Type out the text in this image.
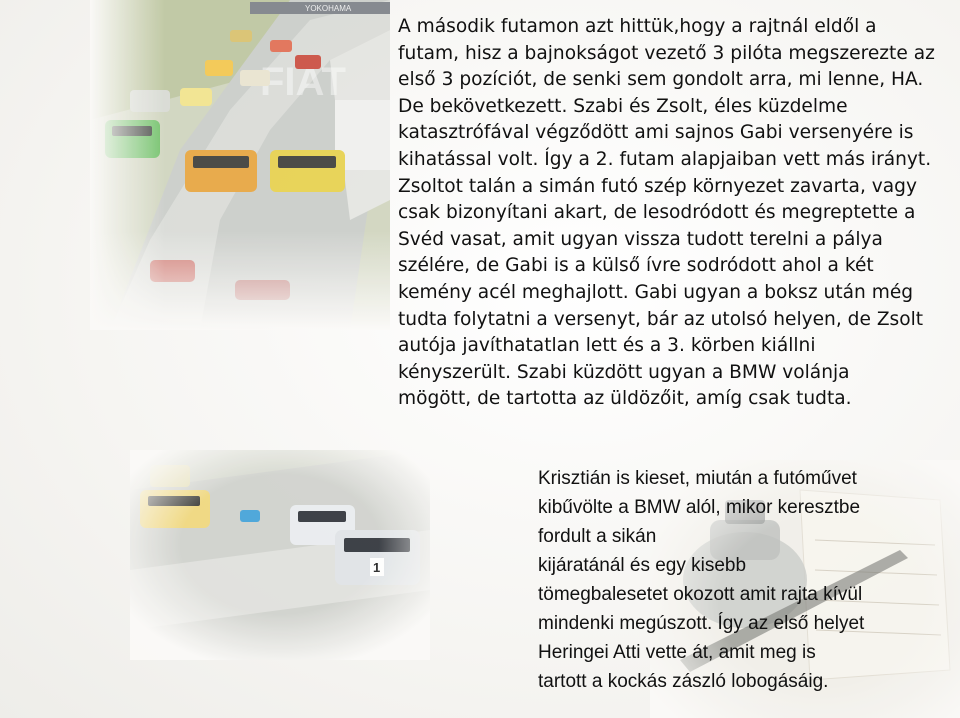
A második futamon azt hittük,hogy a rajtnál eldől a
futam, hisz a bajnokságot vezető 3 pilóta megszerezte az
első 3 pozíciót, de senki sem gondolt arra, mi lenne, HA.
De bekövetkezett. Szabi és Zsolt, éles küzdelme
katasztrófával végződött ami sajnos Gabi versenyére is
kihatással volt. Így a 2. futam alapjaiban vett más irányt.
Zsoltot talán a simán futó szép környezet zavarta, vagy
csak bizonyítani akart, de lesodródott és megreptette a
Svéd vasat, amit ugyan vissza tudott terelni a pálya
szélére, de Gabi is a külső ívre sodródott ahol a két
kemény acél meghajlott. Gabi ugyan a boksz után még
tudta folytatni a versenyt, bár az utolsó helyen, de Zsolt
autója javíthatatlan lett és a 3. körben kiállni
kényszerült. Szabi küzdött ugyan a BMW volánja
mögött, de tartotta az üldözőit, amíg csak tudta.
Krisztián is kieset, miután a futóművet
kibűvölte a BMW alól, mikor keresztbe
fordult a sikán
kijáratánál és egy kisebb
tömegbalesetet okozott amit rajta kívül
mindenki megúszott. Így az első helyet
Heringei Atti vette át, amit meg is
tartott a kockás zászló lobogásáig.
